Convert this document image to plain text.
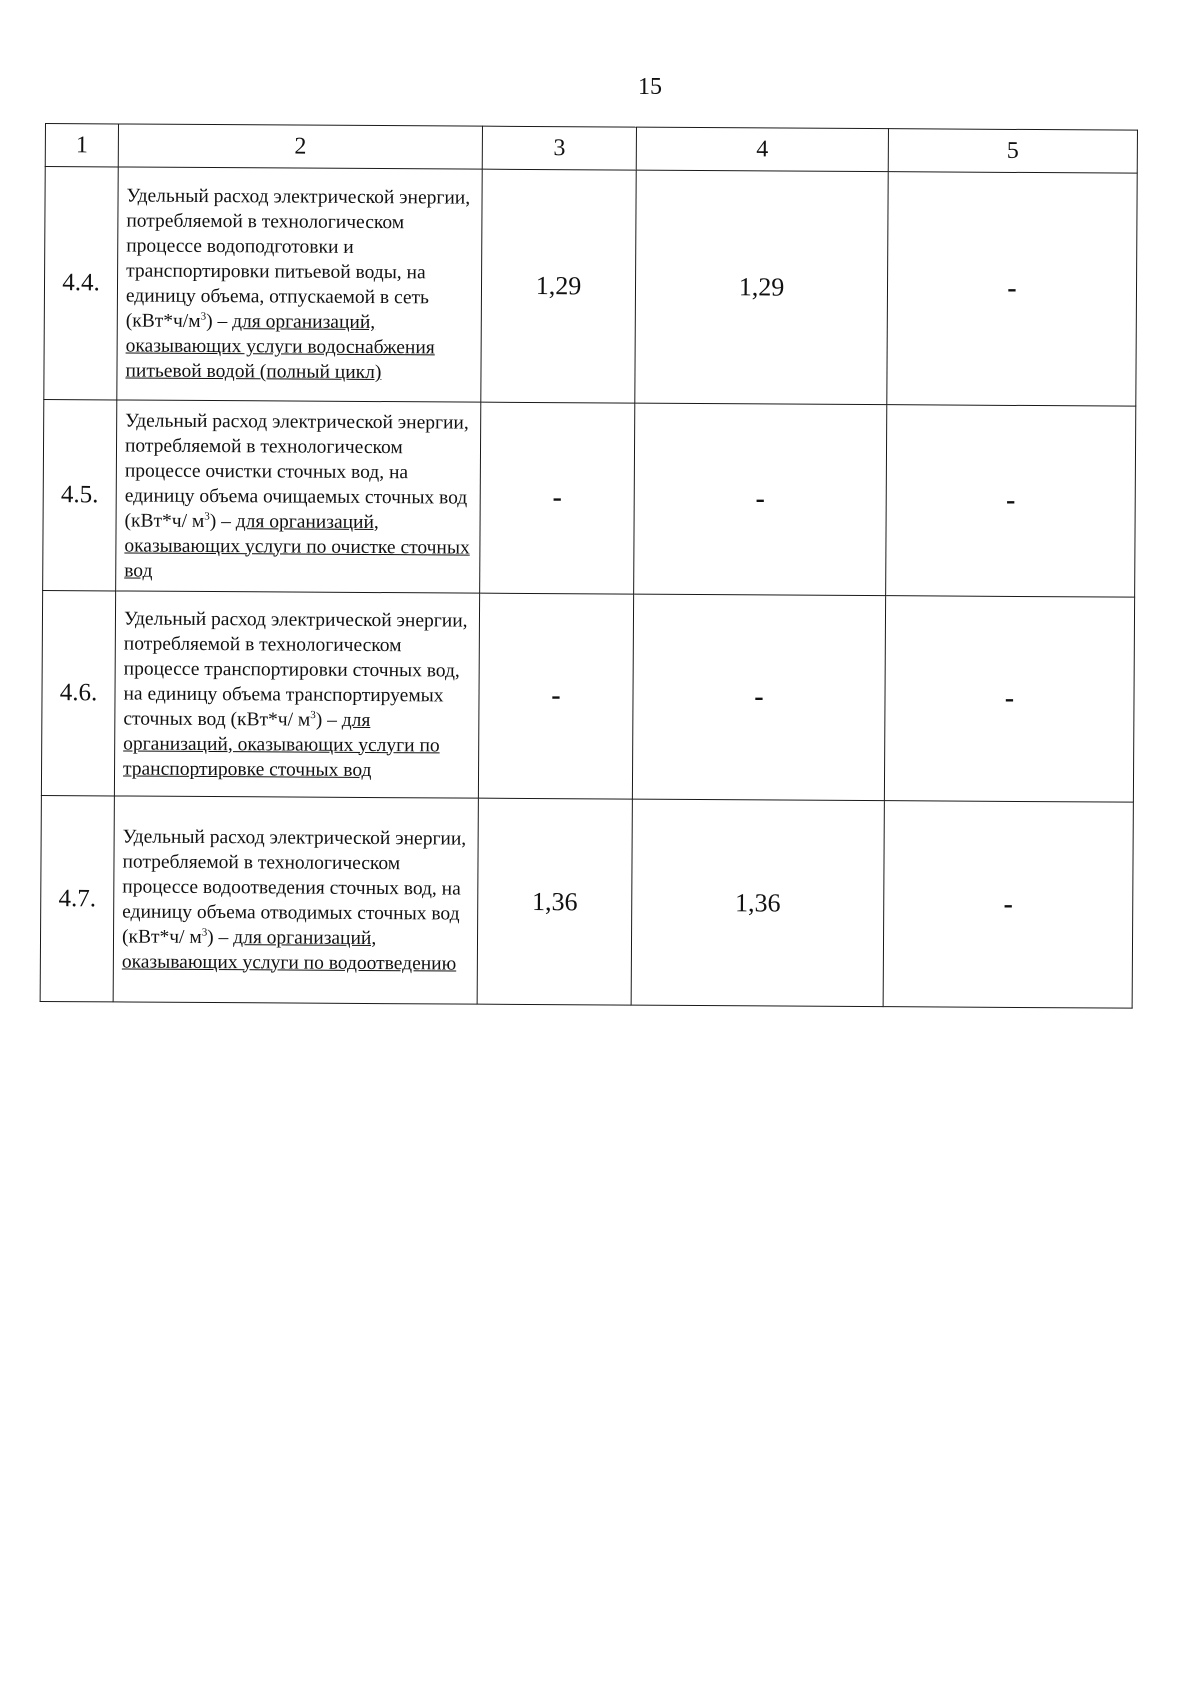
15
1	2	3	4	5
4.4.	Удельный расход электрической энергии, потребляемой в технологическом процессе водоподготовки и транспортировки питьевой воды, на единицу объема, отпускаемой в сеть $(кВт*ч/м^3)$ – для организаций, оказывающих услуги водоснабжения питьевой водой (полный цикл)	1,29	1,29	-
4.5.	Удельный расход электрической энергии, потребляемой в технологическом процессе очистки сточных вод, на единицу объема очищаемых сточных вод (кВт*ч/ $м^3$) – для организаций, оказывающих услуги по очистке сточных вод	-	-	-
4.6.	Удельный расход электрической энергии, потребляемой в технологическом процессе транспортировки сточных вод, на единицу объема транспортируемых сточных вод (кВт*ч/ $м^3$) – для организаций, оказывающих услуги по транспортировке сточных вод	-	-	-
4.7.	Удельный расход электрической энергии, потребляемой в технологическом процессе водоотведения сточных вод, на единицу объема отводимых сточных вод (кВт*ч/ $м^3$) – для организаций, оказывающих услуги по водоотведению	1,36	1,36	-
